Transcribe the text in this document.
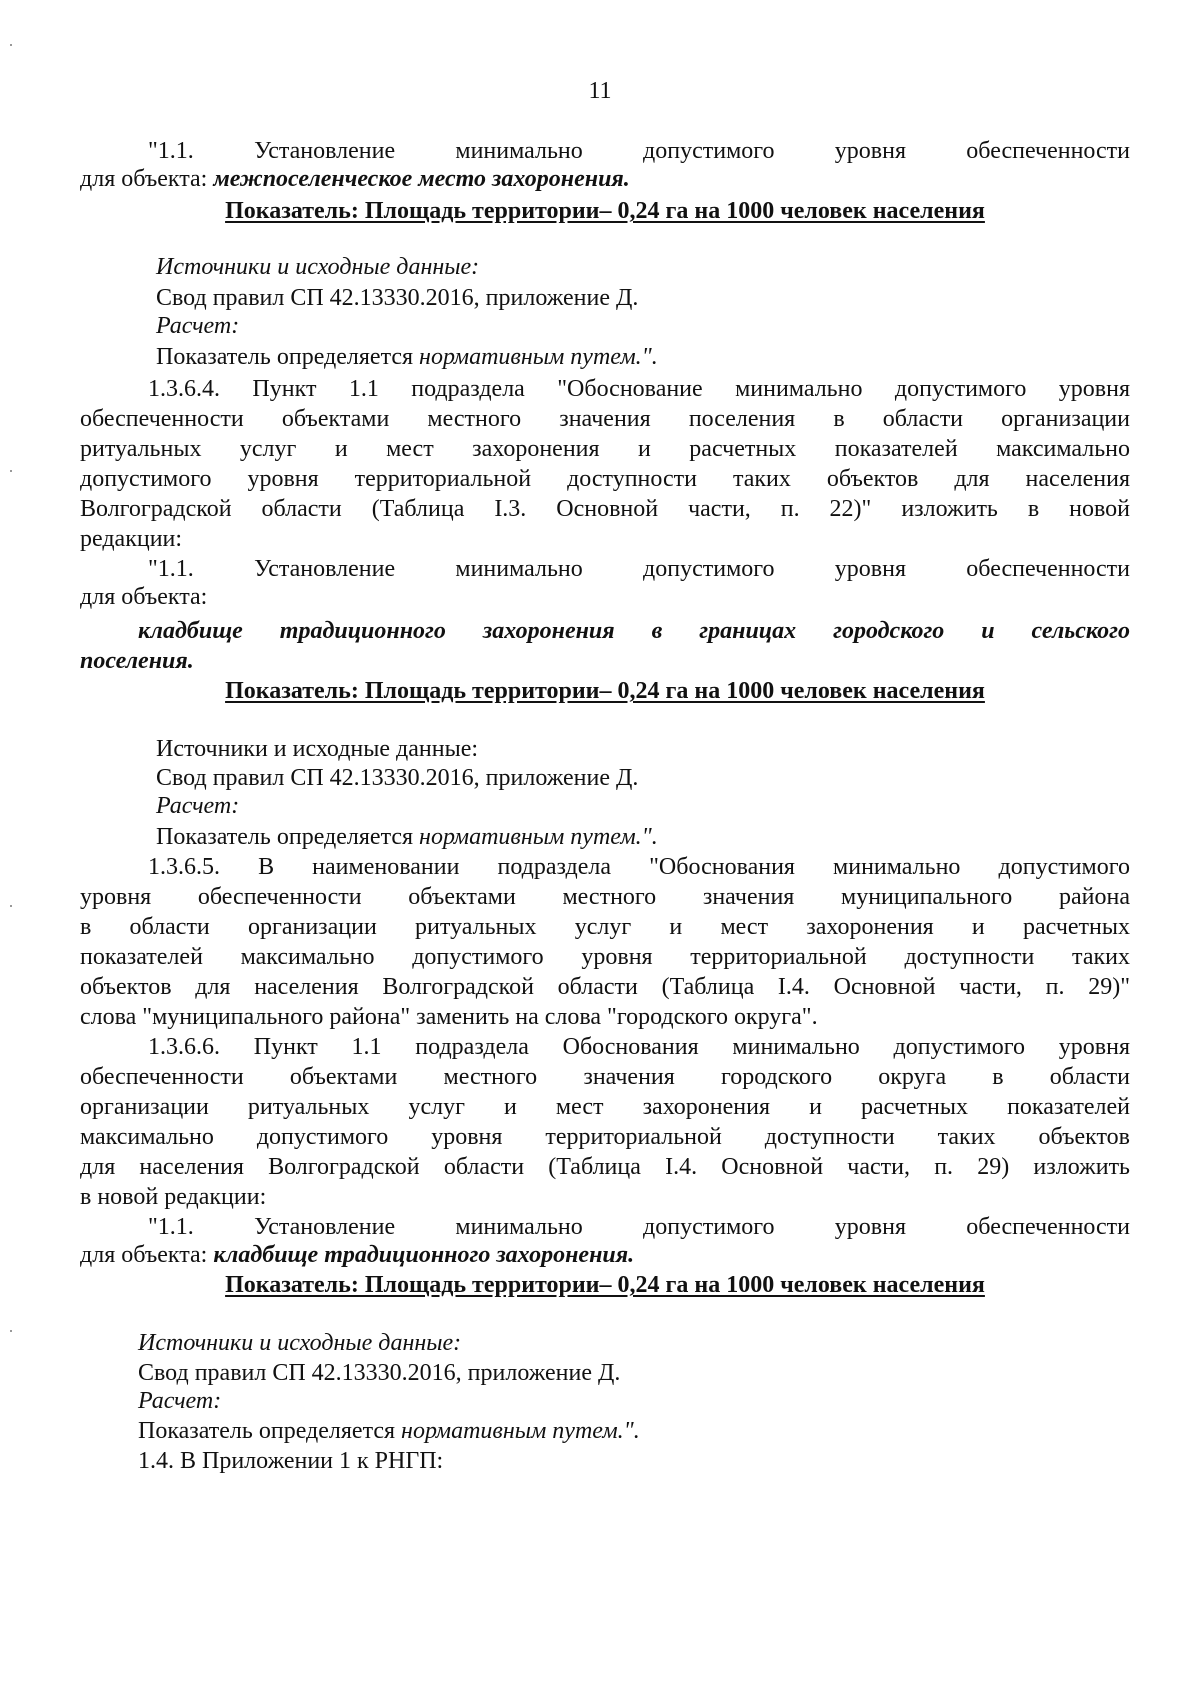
11
"1.1. Установление минимально допустимого уровня обеспеченности
для объекта: межпоселенческое место захоронения.
Показатель: Площадь территории– 0,24 га на 1000 человек населения
Источники и исходные данные:
Свод правил СП 42.13330.2016, приложение Д.
Расчет:
Показатель определяется нормативным путем.".
1.3.6.4. Пункт 1.1 подраздела "Обоснование минимально допустимого уровня
обеспеченности объектами местного значения поселения в области организации
ритуальных услуг и мест захоронения и расчетных показателей максимально
допустимого уровня территориальной доступности таких объектов для населения
Волгоградской области (Таблица I.3. Основной части, п. 22)" изложить в новой
редакции:
"1.1. Установление минимально допустимого уровня обеспеченности
для объекта:
кладбище традиционного захоронения в границах городского и сельского
поселения.
Показатель: Площадь территории– 0,24 га на 1000 человек населения
Источники и исходные данные:
Свод правил СП 42.13330.2016, приложение Д.
Расчет:
Показатель определяется нормативным путем.".
1.3.6.5. В наименовании подраздела "Обоснования минимально допустимого
уровня обеспеченности объектами местного значения муниципального района
в области организации ритуальных услуг и мест захоронения и расчетных
показателей максимально допустимого уровня территориальной доступности таких
объектов для населения Волгоградской области (Таблица I.4. Основной части, п. 29)"
слова "муниципального района" заменить на слова "городского округа".
1.3.6.6. Пункт 1.1 подраздела Обоснования минимально допустимого уровня
обеспеченности объектами местного значения городского округа в области
организации ритуальных услуг и мест захоронения и расчетных показателей
максимально допустимого уровня территориальной доступности таких объектов
для населения Волгоградской области (Таблица I.4. Основной части, п. 29) изложить
в новой редакции:
"1.1. Установление минимально допустимого уровня обеспеченности
для объекта: кладбище традиционного захоронения.
Показатель: Площадь территории– 0,24 га на 1000 человек населения
Источники и исходные данные:
Свод правил СП 42.13330.2016, приложение Д.
Расчет:
Показатель определяется нормативным путем.".
1.4. В Приложении 1 к РНГП:
